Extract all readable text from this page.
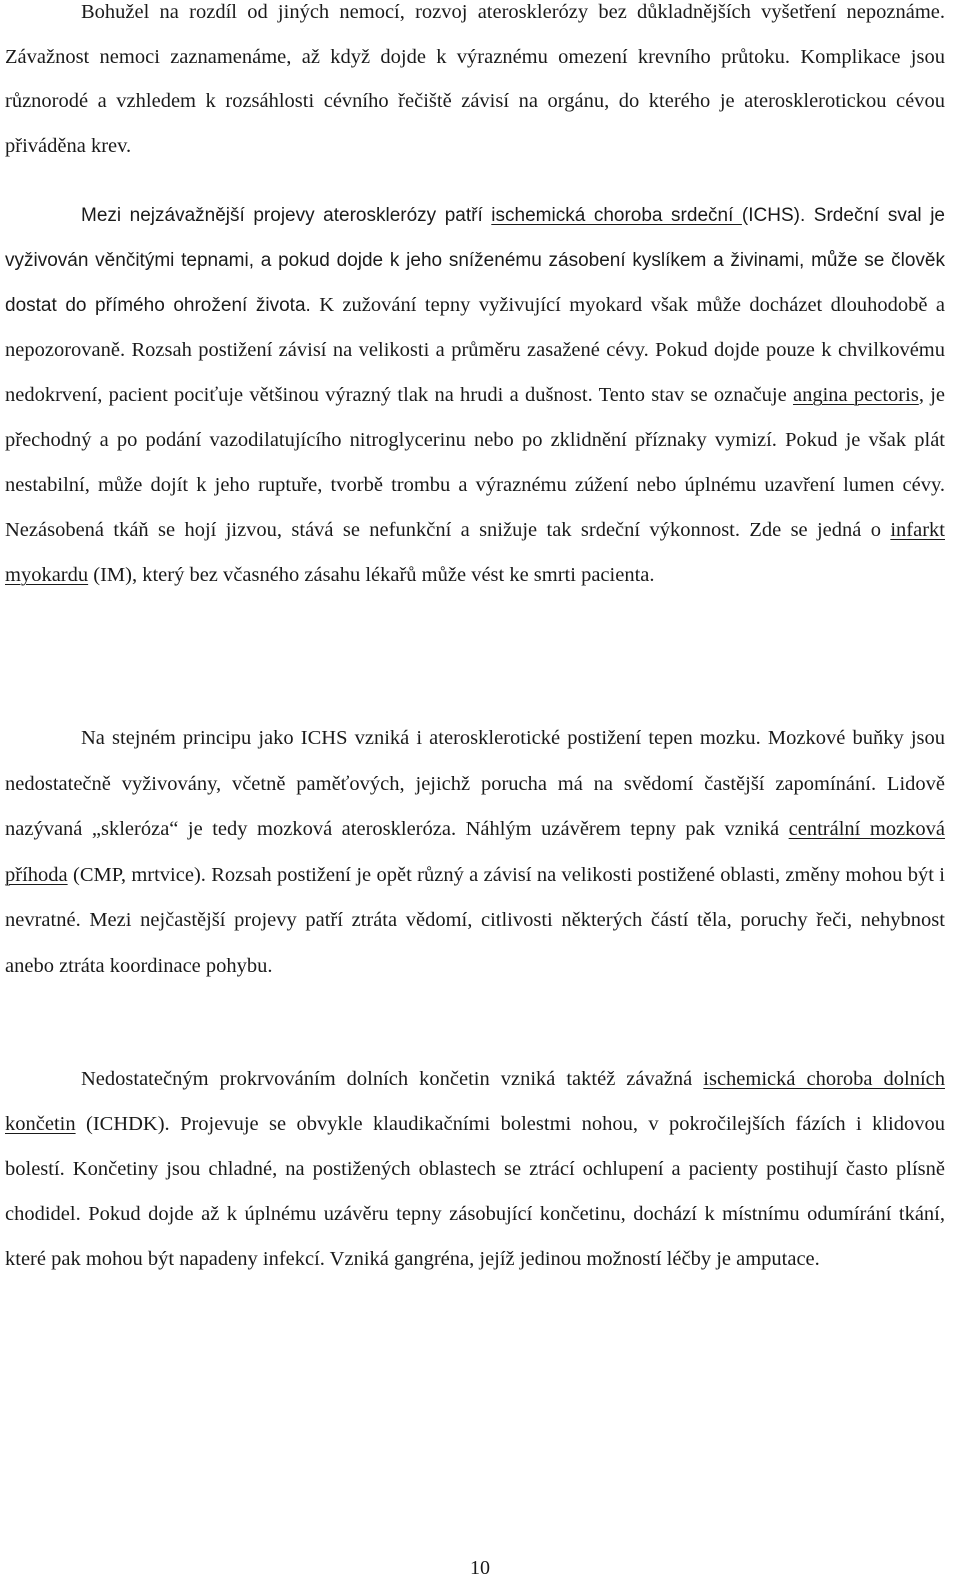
Bohužel na rozdíl od jiných nemocí, rozvoj aterosklerózy bez důkladnějších vyšetření nepoznáme. Závažnost nemoci zaznamenáme, až když dojde k výraznému omezení krevního průtoku. Komplikace jsou různorodé a vzhledem k rozsáhlosti cévního řečiště závisí na orgánu, do kterého je aterosklerotickou cévou přiváděna krev.

Mezi nejzávažnější projevy aterosklerózy patří ischemická choroba srdeční (ICHS). Srdeční sval je vyživován věnčitými tepnami, a pokud dojde k jeho sníženému zásobení kyslíkem a živinami, může se člověk dostat do přímého ohrožení života. K zužování tepny vyživující myokard však může docházet dlouhodobě a nepozorovaně. Rozsah postižení závisí na velikosti a průměru zasažené cévy. Pokud dojde pouze k chvilkovému nedokrvení, pacient pociťuje většinou výrazný tlak na hrudi a dušnost. Tento stav se označuje angina pectoris, je přechodný a po podání vazodilatujícího nitroglycerinu nebo po zklidnění příznaky vymizí. Pokud je však plát nestabilní, může dojít k jeho ruptuře, tvorbě trombu a výraznému zúžení nebo úplnému uzavření lumen cévy. Nezásobená tkáň se hojí jizvou, stává se nefunkční a snižuje tak srdeční výkonnost. Zde se jedná o infarkt myokardu (IM), který bez včasného zásahu lékařů může vést ke smrti pacienta.

Na stejném principu jako ICHS vzniká i aterosklerotické postižení tepen mozku. Mozkové buňky jsou nedostatečně vyživovány, včetně paměťových, jejichž porucha má na svědomí častější zapomínání. Lidově nazývaná „skleróza“ je tedy mozková ateroskleróza. Náhlým uzávěrem tepny pak vzniká centrální mozková příhoda (CMP, mrtvice). Rozsah postižení je opět různý a závisí na velikosti postižené oblasti, změny mohou být i nevratné. Mezi nejčastější projevy patří ztráta vědomí, citlivosti některých částí těla, poruchy řeči, nehybnost anebo ztráta koordinace pohybu.

Nedostatečným prokrvováním dolních končetin vzniká taktéž závažná ischemická choroba dolních končetin (ICHDK). Projevuje se obvykle klaudikačními bolestmi nohou, v pokročilejších fázích i klidovou bolestí. Končetiny jsou chladné, na postižených oblastech se ztrácí ochlupení a pacienty postihují často plísně chodidel. Pokud dojde až k úplnému uzávěru tepny zásobující končetinu, dochází k místnímu odumírání tkání, které pak mohou být napadeny infekcí. Vzniká gangréna, jejíž jedinou možností léčby je amputace.

10
